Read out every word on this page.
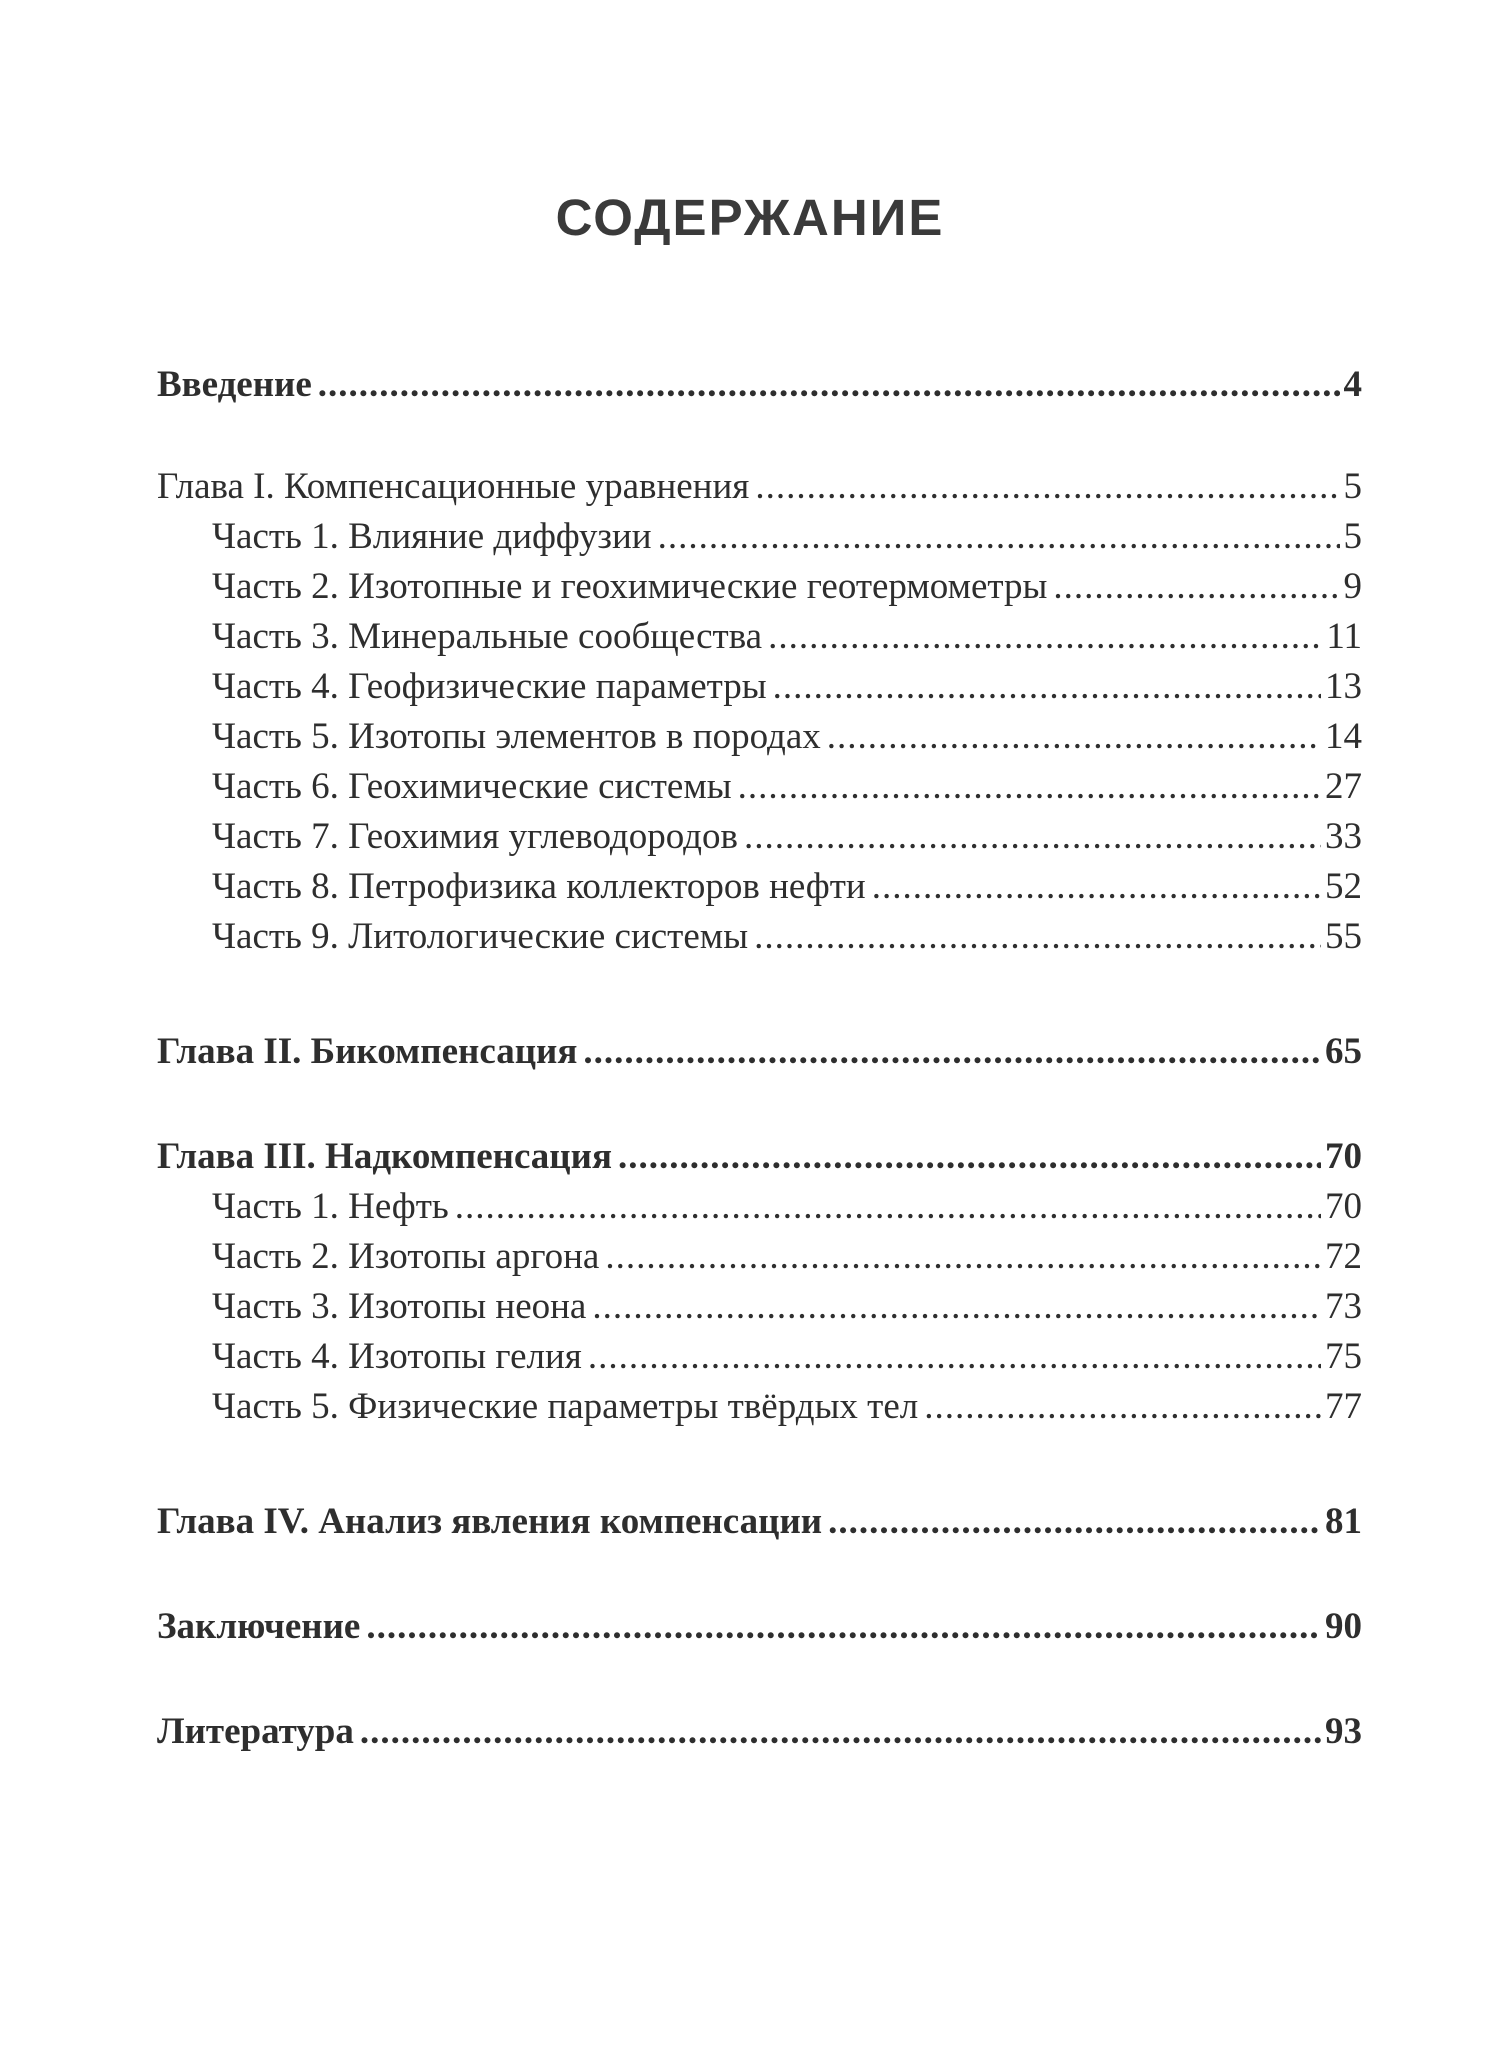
СОДЕРЖАНИЕ
Введение .....	4
Глава I. Компенсационные уравнения .....	5
Часть 1. Влияние диффузии .....	5
Часть 2. Изотопные и геохимические геотермометры .....	9
Часть 3. Минеральные сообщества .....	11
Часть 4. Геофизические параметры .....	13
Часть 5. Изотопы элементов в породах .....	14
Часть 6. Геохимические системы .....	27
Часть 7. Геохимия углеводородов .....	33
Часть 8. Петрофизика коллекторов нефти .....	52
Часть 9. Литологические системы .....	55
Глава II. Бикомпенсация .....	65
Глава III. Надкомпенсация .....	70
Часть 1. Нефть .....	70
Часть 2. Изотопы аргона .....	72
Часть 3. Изотопы неона .....	73
Часть 4. Изотопы гелия .....	75
Часть 5. Физические параметры твёрдых тел .....	77
Глава IV. Анализ явления компенсации .....	81
Заключение .....	90
Литература .....	93
